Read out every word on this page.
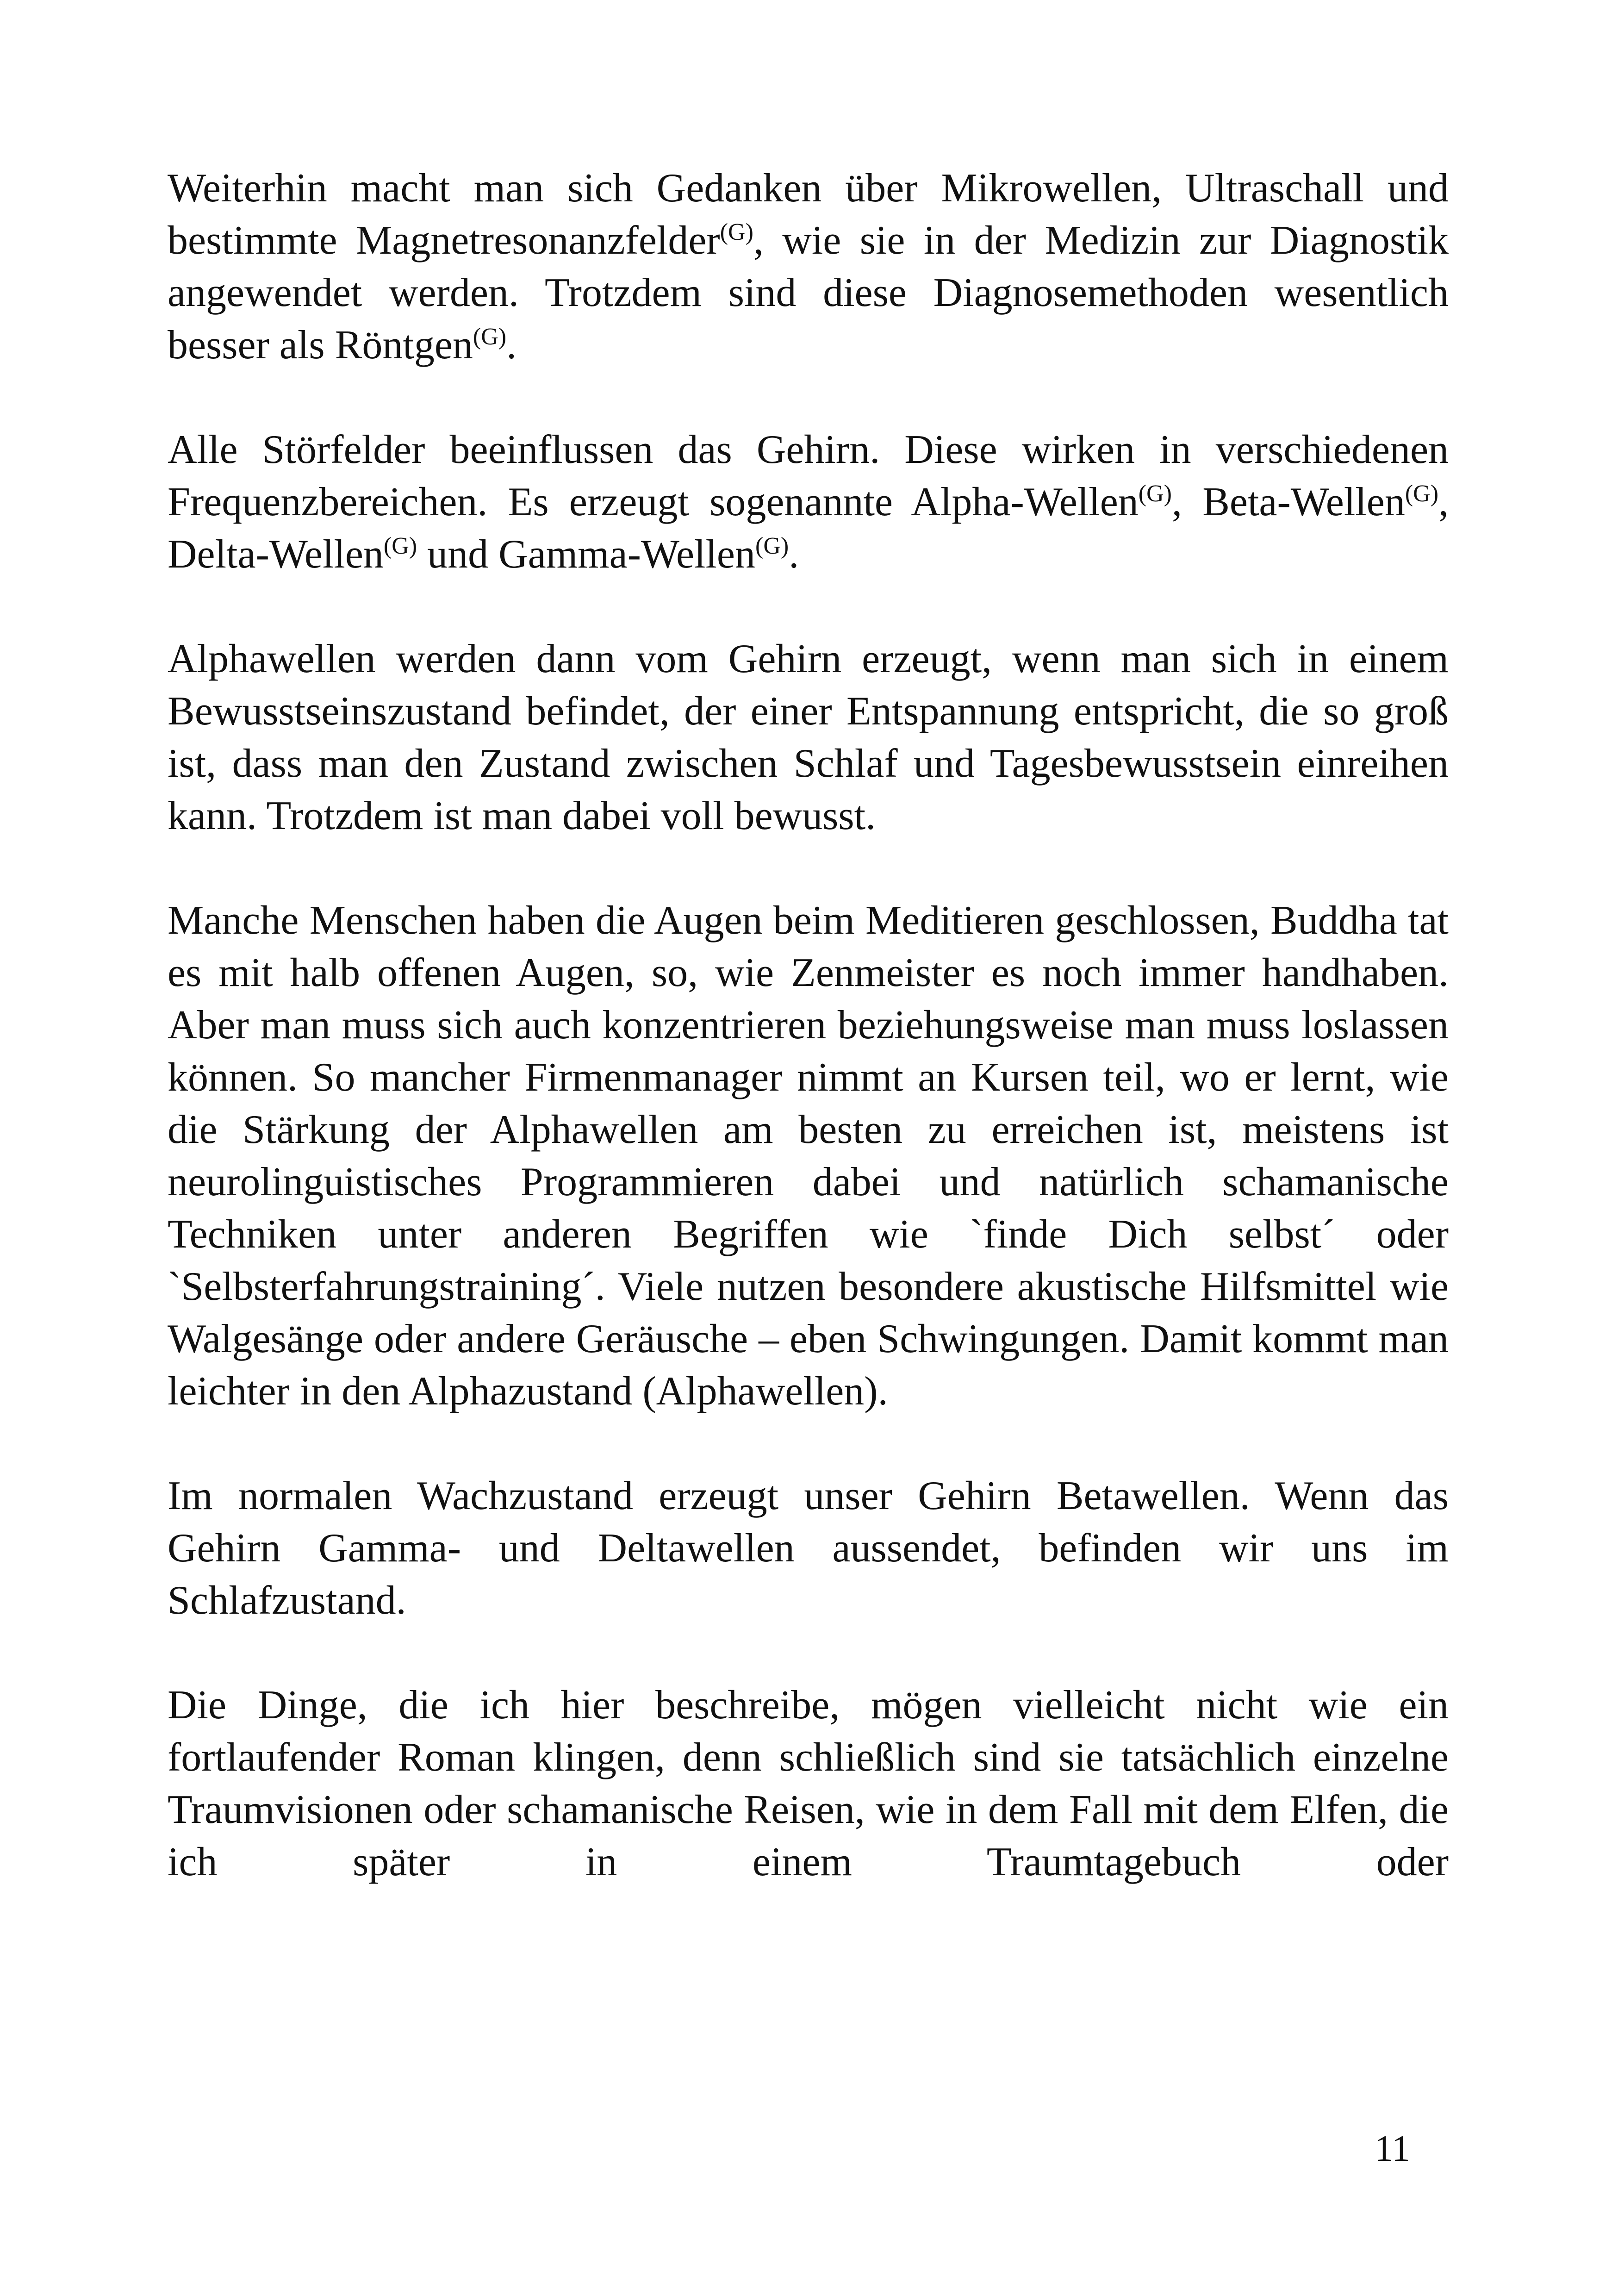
Weiterhin macht man sich Gedanken über Mikrowellen, Ultraschall und bestimmte Magnetresonanzfelder$^{(G)}$, wie sie in der Medizin zur Diagnostik angewendet werden. Trotzdem sind diese Diagnosemethoden wesentlich besser als Röntgen$^{(G)}$.

Alle Störfelder beeinflussen das Gehirn. Diese wirken in verschiedenen Frequenzbereichen. Es erzeugt sogenannte Alpha-Wellen$^{(G)}$, Beta-Wellen$^{(G)}$, Delta-Wellen$^{(G)}$ und Gamma-Wellen$^{(G)}$.

Alphawellen werden dann vom Gehirn erzeugt, wenn man sich in einem Bewusstseinszustand befindet, der einer Entspannung entspricht, die so groß ist, dass man den Zustand zwischen Schlaf und Tagesbewusstsein einreihen kann. Trotzdem ist man dabei voll bewusst.

Manche Menschen haben die Augen beim Meditieren geschlossen, Buddha tat es mit halb offenen Augen, so, wie Zenmeister es noch immer handhaben. Aber man muss sich auch konzentrieren beziehungsweise man muss loslassen können. So mancher Firmenmanager nimmt an Kursen teil, wo er lernt, wie die Stärkung der Alphawellen am besten zu erreichen ist, meistens ist neurolinguistisches Programmieren dabei und natürlich schamanische Techniken unter anderen Begriffen wie `finde Dich selbst´ oder `Selbsterfahrungstraining´. Viele nutzen besondere akustische Hilfsmittel wie Walgesänge oder andere Geräusche – eben Schwingungen. Damit kommt man leichter in den Alphazustand (Alphawellen).

Im normalen Wachzustand erzeugt unser Gehirn Betawellen. Wenn das Gehirn Gamma- und Deltawellen aussendet, befinden wir uns im Schlafzustand.

Die Dinge, die ich hier beschreibe, mögen vielleicht nicht wie ein fortlaufender Roman klingen, denn schließlich sind sie tatsächlich einzelne Traumvisionen oder schamanische Reisen, wie in dem Fall mit dem Elfen, die ich später in einem Traumtagebuch oder

11
